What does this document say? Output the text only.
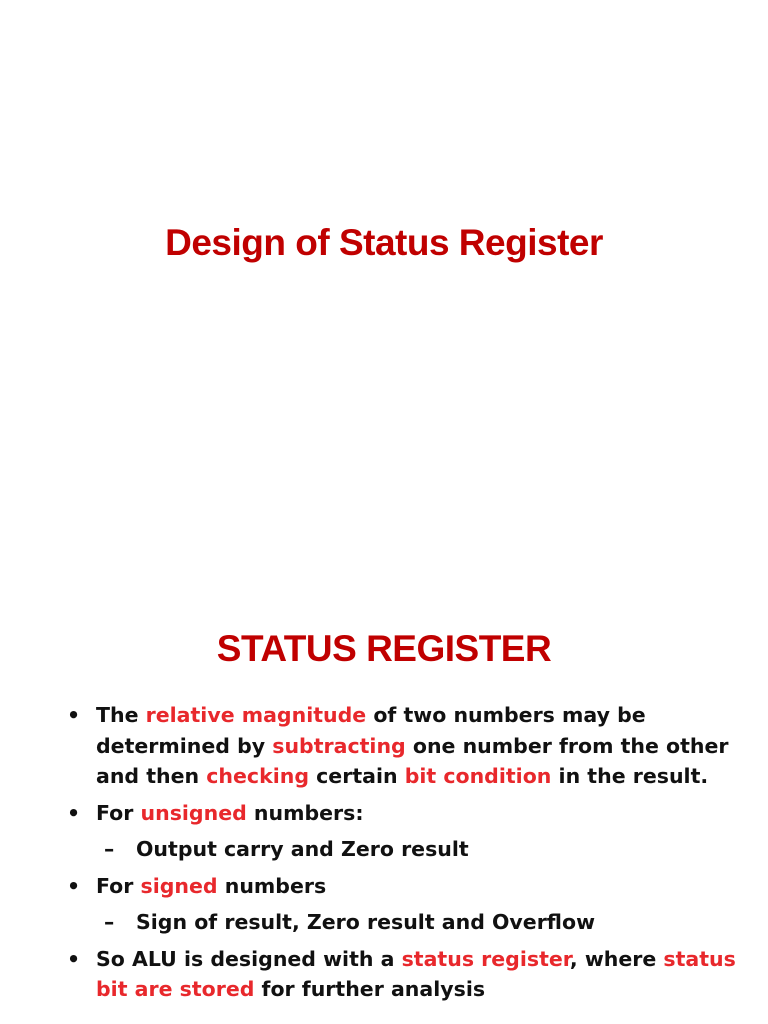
Design of Status Register
STATUS REGISTER
• The relative magnitude of two numbers may be determined by subtracting one number from the other and then checking certain bit condition in the result.
• For unsigned numbers:
– Output carry and Zero result
• For signed numbers
– Sign of result, Zero result and Overflow
• So ALU is designed with a status register, where status bit are stored for further analysis
